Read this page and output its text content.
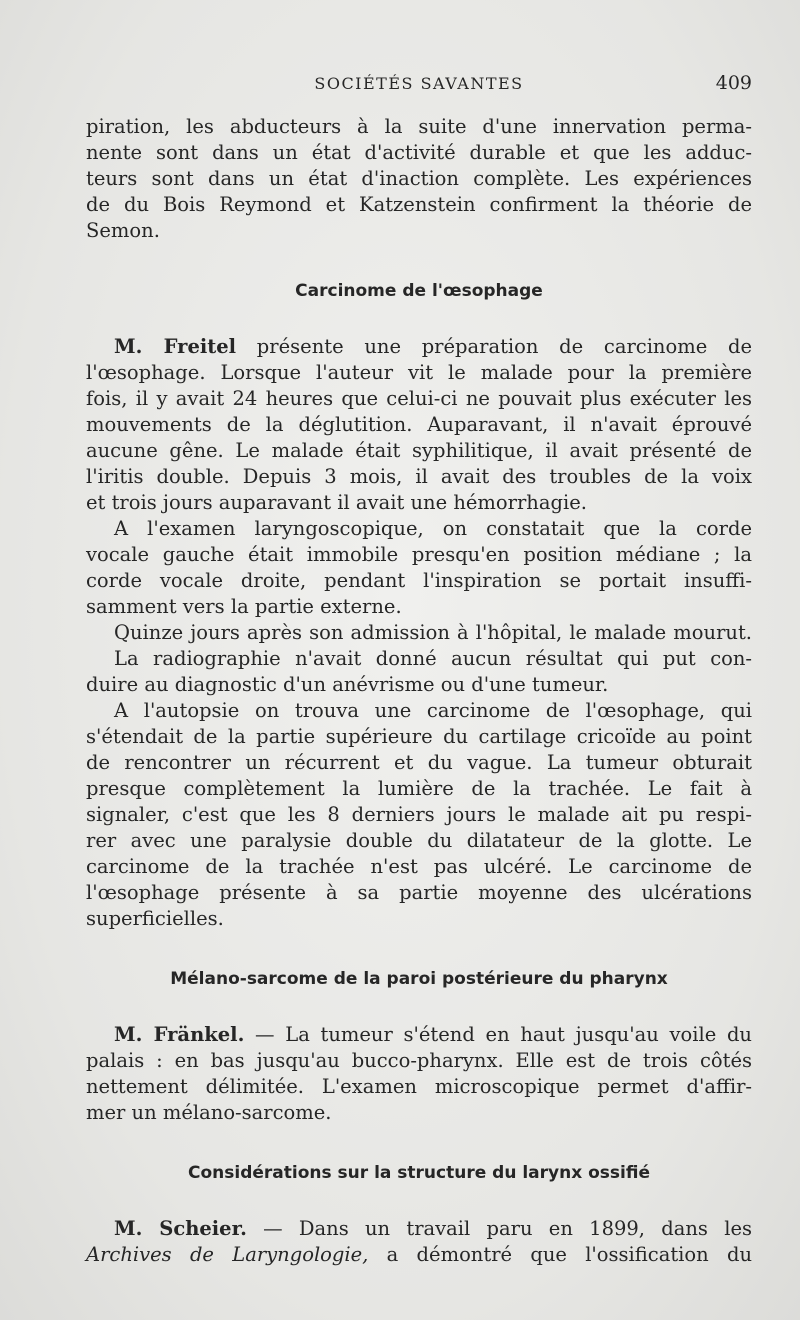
SOCIÉTÉS SAVANTES	409
piration, les abducteurs à la suite d'une innervation perma-
nente sont dans un état d'activité durable et que les adduc-
teurs sont dans un état d'inaction complète. Les expériences
de du Bois Reymond et Katzenstein confirment la théorie de
Semon.
Carcinome de l'œsophage
M. Freitel présente une préparation de carcinome de
l'œsophage. Lorsque l'auteur vit le malade pour la première
fois, il y avait 24 heures que celui-ci ne pouvait plus exécuter les
mouvements de la déglutition. Auparavant, il n'avait éprouvé
aucune gêne. Le malade était syphilitique, il avait présenté de
l'iritis double. Depuis 3 mois, il avait des troubles de la voix
et trois jours auparavant il avait une hémorrhagie.
A l'examen laryngoscopique, on constatait que la corde
vocale gauche était immobile presqu'en position médiane ; la
corde vocale droite, pendant l'inspiration se portait insuffi-
samment vers la partie externe.
Quinze jours après son admission à l'hôpital, le malade mourut.
La radiographie n'avait donné aucun résultat qui put con-
duire au diagnostic d'un anévrisme ou d'une tumeur.
A l'autopsie on trouva une carcinome de l'œsophage, qui
s'étendait de la partie supérieure du cartilage cricoïde au point
de rencontrer un récurrent et du vague. La tumeur obturait
presque complètement la lumière de la trachée. Le fait à
signaler, c'est que les 8 derniers jours le malade ait pu respi-
rer avec une paralysie double du dilatateur de la glotte. Le
carcinome de la trachée n'est pas ulcéré. Le carcinome de
l'œsophage présente à sa partie moyenne des ulcérations
superficielles.
Mélano-sarcome de la paroi postérieure du pharynx
M. Fränkel. — La tumeur s'étend en haut jusqu'au voile du
palais : en bas jusqu'au bucco-pharynx. Elle est de trois côtés
nettement délimitée. L'examen microscopique permet d'affir-
mer un mélano-sarcome.
Considérations sur la structure du larynx ossifié
M. Scheier. — Dans un travail paru en 1899, dans les
Archives de Laryngologie, a démontré que l'ossification du
